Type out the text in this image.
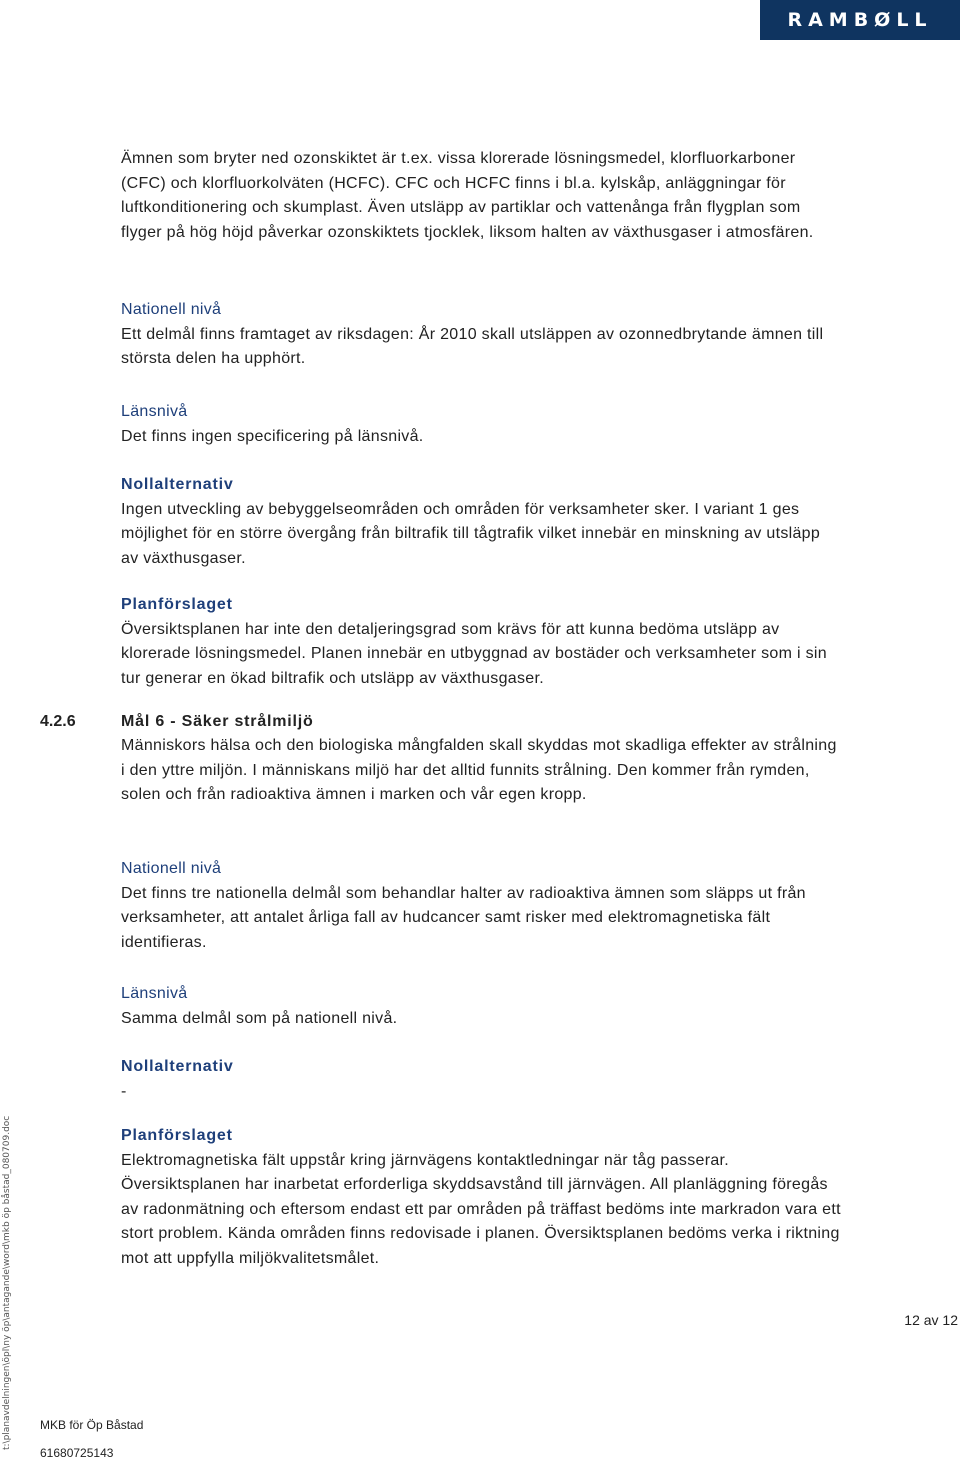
RAMBØLL

Ämnen som bryter ned ozonskiktet är t.ex. vissa klorerade lösningsmedel, klorfluorkarboner (CFC) och klorfluorkolväten (HCFC). CFC och HCFC finns i bl.a. kylskåp, anläggningar för luftkonditionering och skumplast. Även utsläpp av partiklar och vattenånga från flygplan som flyger på hög höjd påverkar ozonskiktets tjocklek, liksom halten av växthusgaser i atmosfären.

Nationell nivå

Ett delmål finns framtaget av riksdagen: År 2010 skall utsläppen av ozonnedbrytande ämnen till största delen ha upphört.

Länsnivå

Det finns ingen specificering på länsnivå.

Nollalternativ

Ingen utveckling av bebyggelseområden och områden för verksamheter sker. I variant 1 ges möjlighet för en större övergång från biltrafik till tågtrafik vilket innebär en minskning av utsläpp av växthusgaser.

Planförslaget

Översiktsplanen har inte den detaljeringsgrad som krävs för att kunna bedöma utsläpp av klorerade lösningsmedel. Planen innebär en utbyggnad av bostäder och verksamheter som i sin tur generar en ökad biltrafik och utsläpp av växthusgaser.

4.2.6	Mål 6 - Säker strålmiljö

Människors hälsa och den biologiska mångfalden skall skyddas mot skadliga effekter av strålning i den yttre miljön. I människans miljö har det alltid funnits strålning. Den kommer från rymden, solen och från radioaktiva ämnen i marken och vår egen kropp.

Nationell nivå

Det finns tre nationella delmål som behandlar halter av radioaktiva ämnen som släpps ut från verksamheter, att antalet årliga fall av hudcancer samt risker med elektromagnetiska fält identifieras.

Länsnivå

Samma delmål som på nationell nivå.

Nollalternativ

-

Planförslaget

Elektromagnetiska fält uppstår kring järnvägens kontaktledningar när tåg passerar. Översiktsplanen har inarbetat erforderliga skyddsavstånd till järnvägen. All planläggning föregås av radonmätning och eftersom endast ett par områden på träffast bedöms inte markradon vara ett stort problem. Kända områden finns redovisade i planen. Översiktsplanen bedöms verka i riktning mot att uppfylla miljökvalitetsmålet.

t:\planavdelningen\öpl\ny öp\antagande\word\mkb öp båstad_080709.doc	12 av 12
MKB för Öp Båstad
61680725143
